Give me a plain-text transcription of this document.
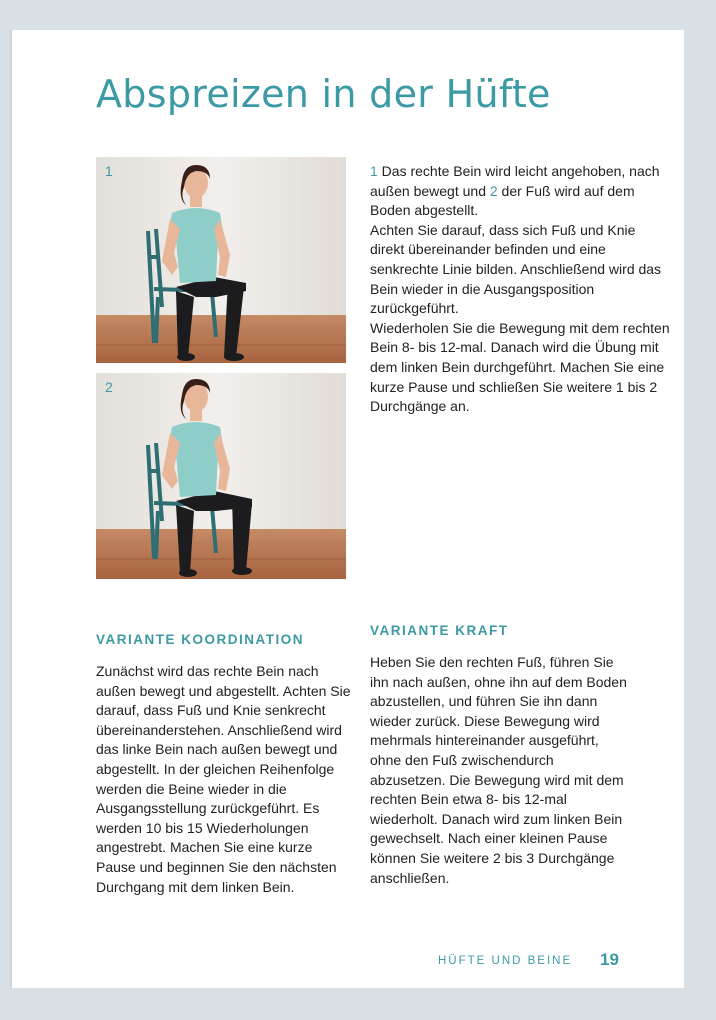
Abspreizen in der Hüfte
1
2
1 Das rechte Bein wird leicht angehoben, nach außen bewegt und 2 der Fuß wird auf dem Boden abgestellt.
Achten Sie darauf, dass sich Fuß und Knie direkt übereinander befinden und eine senkrechte Linie bilden. Anschließend wird das Bein wieder in die Ausgangsposition zurückgeführt.
Wiederholen Sie die Bewegung mit dem rechten Bein 8- bis 12-mal. Danach wird die Übung mit dem linken Bein durchgeführt. Machen Sie eine kurze Pause und schließen Sie weitere 1 bis 2 Durchgänge an.
VARIANTE KOORDINATION

Zunächst wird das rechte Bein nach außen bewegt und abgestellt. Achten Sie darauf, dass Fuß und Knie senkrecht übereinanderstehen. Anschließend wird das linke Bein nach außen bewegt und abgestellt. In der gleichen Reihenfolge werden die Beine wieder in die Ausgangsstellung zurückgeführt. Es werden 10 bis 15 Wiederholungen angestrebt. Machen Sie eine kurze Pause und beginnen Sie den nächsten Durchgang mit dem linken Bein.

VARIANTE KRAFT

Heben Sie den rechten Fuß, führen Sie ihn nach außen, ohne ihn auf dem Boden abzustellen, und führen Sie ihn dann wieder zurück. Diese Bewegung wird mehrmals hintereinander ausgeführt, ohne den Fuß zwischendurch abzusetzen. Die Bewegung wird mit dem rechten Bein etwa 8- bis 12-mal wiederholt. Danach wird zum linken Bein gewechselt. Nach einer kleinen Pause können Sie weitere 2 bis 3 Durchgänge anschließen.

HÜFTE UND BEINE 19
